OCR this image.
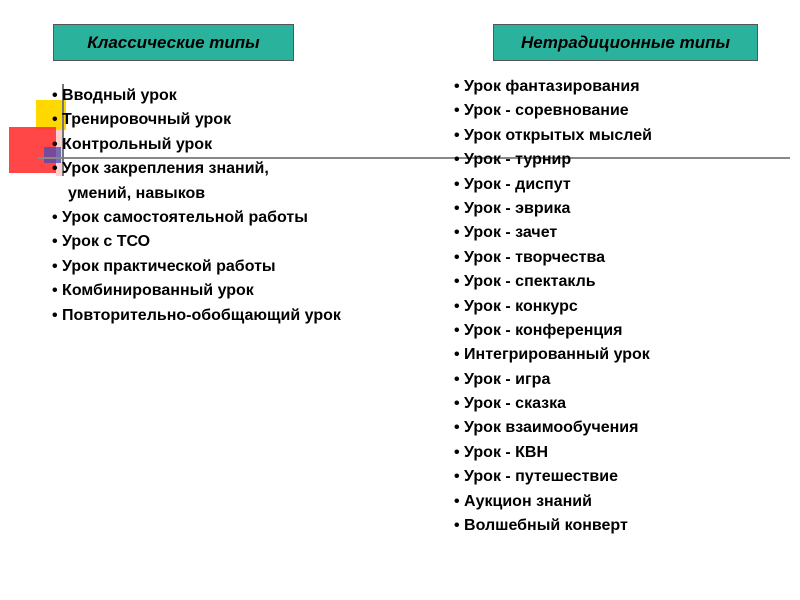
Классические типы	Нетрадиционные типы
• Вводный урок
• Тренировочный урок
• Контрольный урок
• Урок закрепления знаний,
умений, навыков
• Урок самостоятельной работы
• Урок с ТСО
• Урок практической работы
• Комбинированный урок
• Повторительно-обобщающий урок
• Урок фантазирования
• Урок - соревнование
• Урок открытых мыслей
• Урок - турнир
• Урок - диспут
• Урок - эврика
• Урок - зачет
• Урок - творчества
• Урок - спектакль
• Урок - конкурс
• Урок - конференция
• Интегрированный урок
• Урок - игра
• Урок - сказка
• Урок взаимообучения
• Урок - КВН
• Урок - путешествие
• Аукцион знаний
• Волшебный конверт
